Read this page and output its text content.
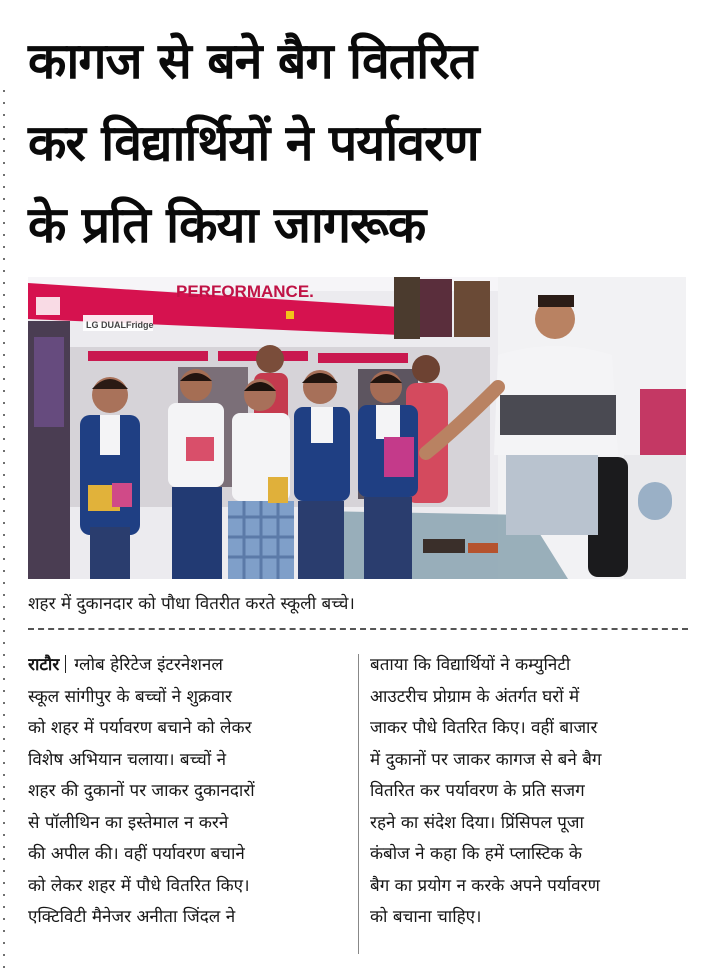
कागज से बने बैग वितरित
कर विद्यार्थियों ने पर्यावरण
के प्रति किया जागरूक
PERFORMANCE.
LG DUALFridge
शहर में दुकानदार को पौधा वितरीत करते स्कूली बच्चे।
राटौर ग्लोब हेरिटेज इंटरनेशनल
स्कूल सांगीपुर के बच्चों ने शुक्रवार
को शहर में पर्यावरण बचाने को लेकर
विशेष अभियान चलाया। बच्चों ने
शहर की दुकानों पर जाकर दुकानदारों
से पॉलीथिन का इस्तेमाल न करने
की अपील की। वहीं पर्यावरण बचाने
को लेकर शहर में पौधे वितरित किए।
एक्टिविटी मैनेजर अनीता जिंदल ने
बताया कि विद्यार्थियों ने कम्युनिटी
आउटरीच प्रोग्राम के अंतर्गत घरों में
जाकर पौधे वितरित किए। वहीं बाजार
में दुकानों पर जाकर कागज से बने बैग
वितरित कर पर्यावरण के प्रति सजग
रहने का संदेश दिया। प्रिंसिपल पूजा
कंबोज ने कहा कि हमें प्लास्टिक के
बैग का प्रयोग न करके अपने पर्यावरण
को बचाना चाहिए।
